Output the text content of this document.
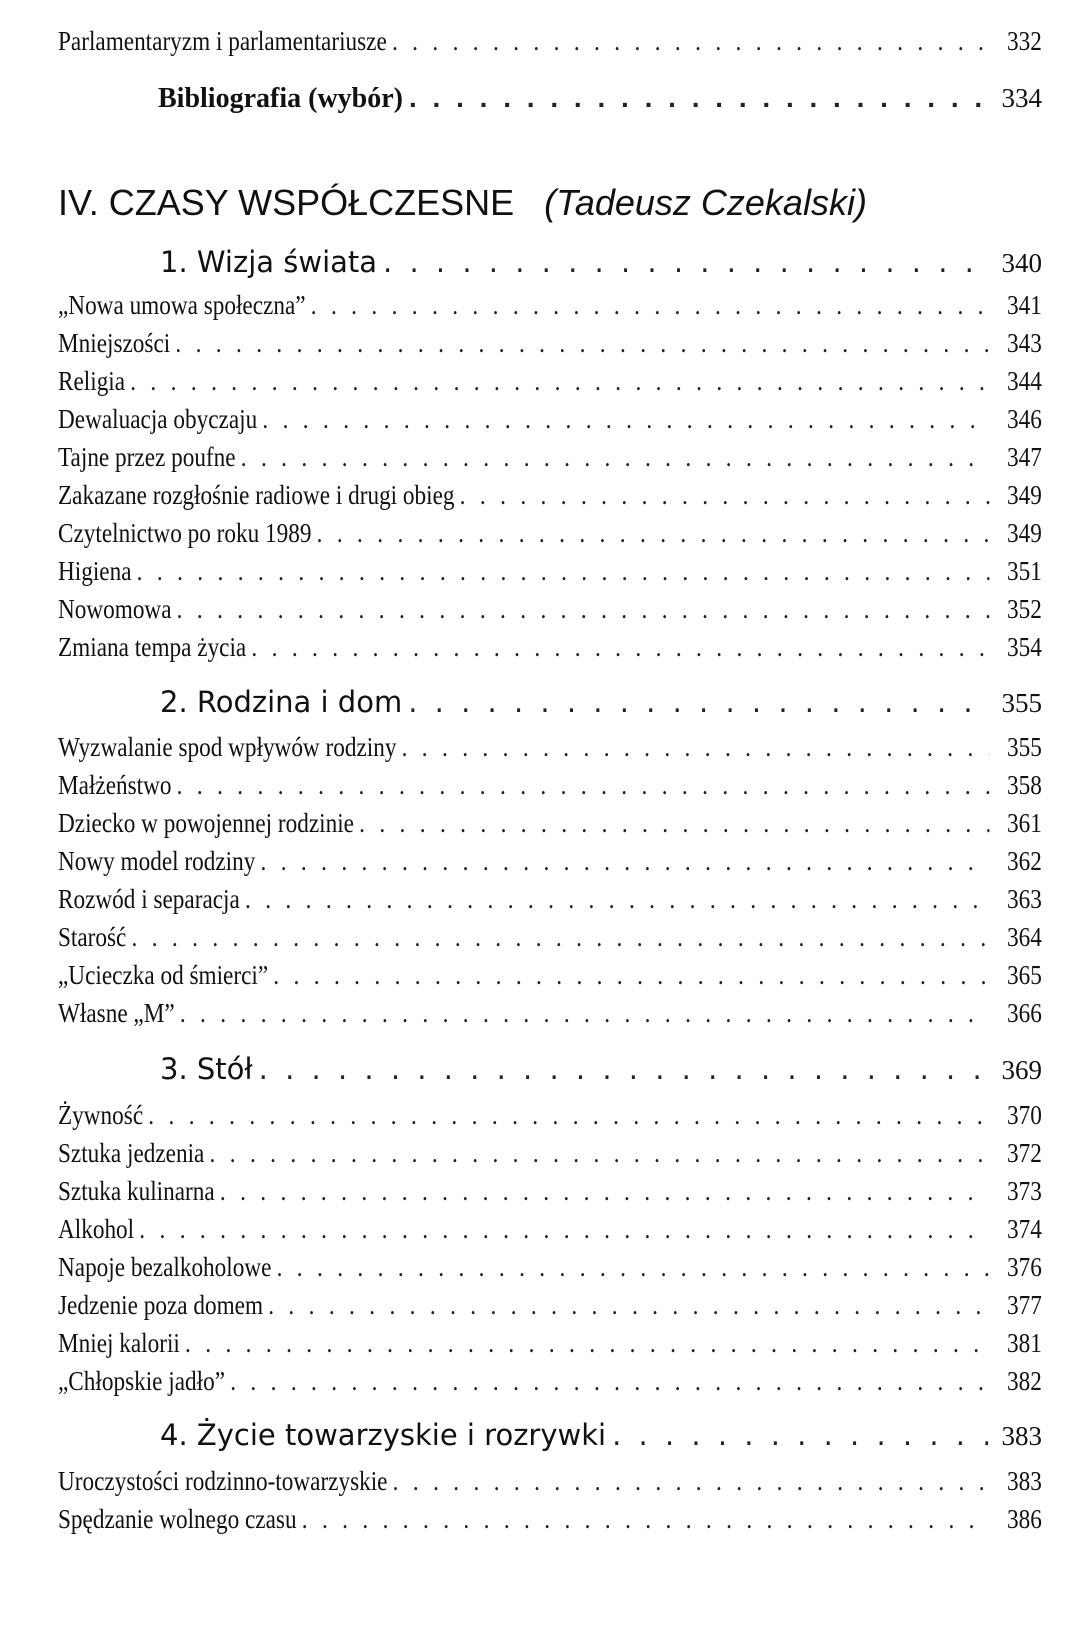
Parlamentaryzm i parlamentariusze . . .	332
Bibliografia (wybór) . . .	334
IV. CZASY WSPÓŁCZESNE (Tadeusz Czekalski)
1. Wizja świata . . .	340
„Nowa umowa społeczna” . . .	341
Mniejszości . . .	343
Religia . . .	344
Dewaluacja obyczaju . . .	346
Tajne przez poufne . . .	347
Zakazane rozgłośnie radiowe i drugi obieg . . .	349
Czytelnictwo po roku 1989 . . .	349
Higiena . . .	351
Nowomowa . . .	352
Zmiana tempa życia . . .	354
2. Rodzina i dom . . .	355
Wyzwalanie spod wpływów rodziny . . .	355
Małżeństwo . . .	358
Dziecko w powojennej rodzinie . . .	361
Nowy model rodziny . . .	362
Rozwód i separacja . . .	363
Starość . . .	364
„Ucieczka od śmierci” . . .	365
Własne „M” . . .	366
3. Stół . . .	369
Żywność . . .	370
Sztuka jedzenia . . .	372
Sztuka kulinarna . . .	373
Alkohol . . .	374
Napoje bezalkoholowe . . .	376
Jedzenie poza domem . . .	377
Mniej kalorii . . .	381
„Chłopskie jadło” . . .	382
4. Życie towarzyskie i rozrywki . . .	383
Uroczystości rodzinno-towarzyskie . . .	383
Spędzanie wolnego czasu . . .	386
